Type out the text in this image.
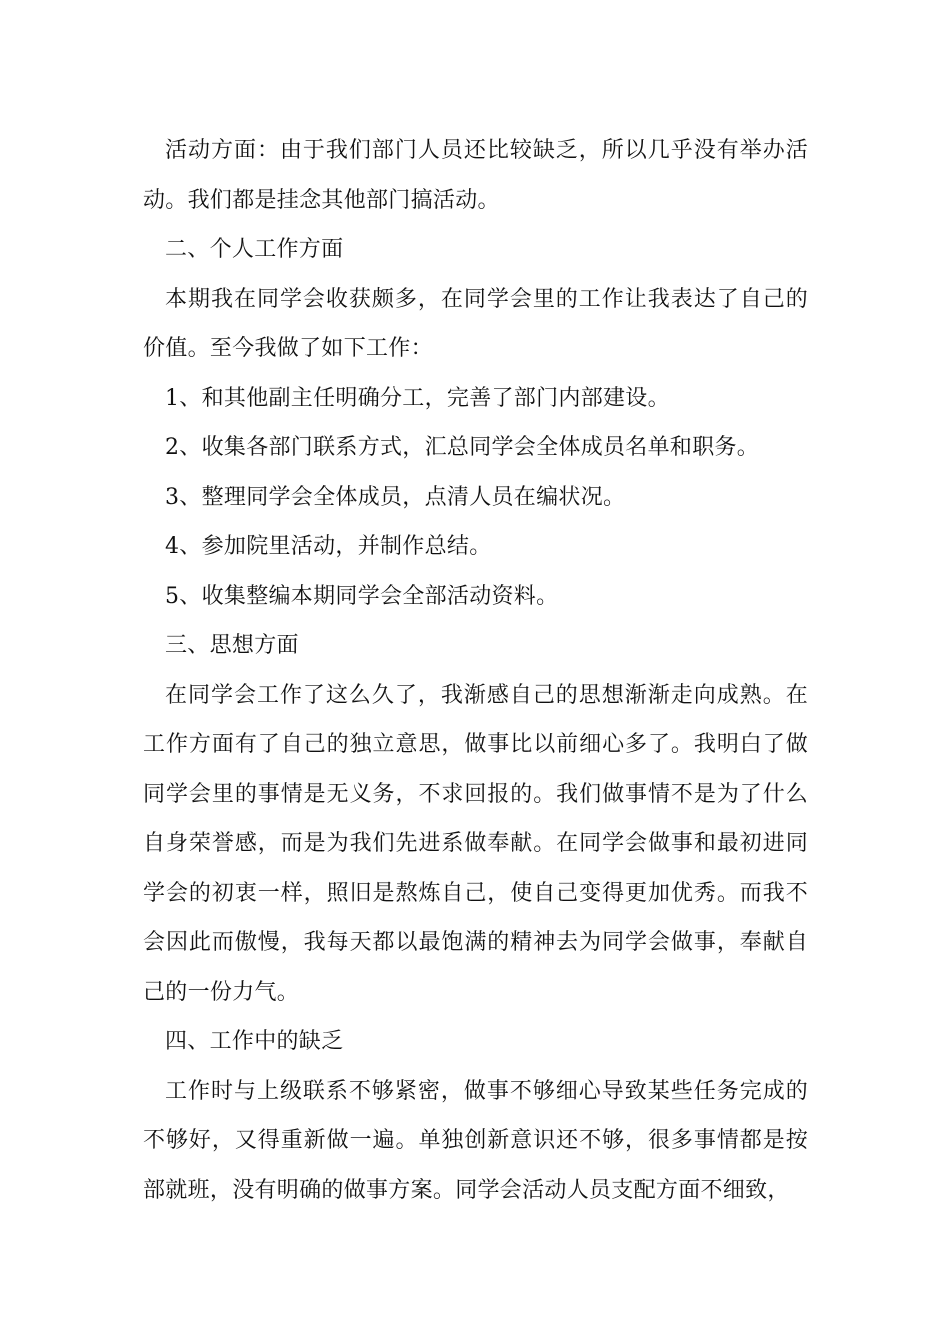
活动方面：由于我们部门人员还比较缺乏，所以几乎没有举办活动。我们都是挂念其他部门搞活动。

二、个人工作方面

本期我在同学会收获颇多，在同学会里的工作让我表达了自己的价值。至今我做了如下工作：

1、和其他副主任明确分工，完善了部门内部建设。

2、收集各部门联系方式，汇总同学会全体成员名单和职务。

3、整理同学会全体成员，点清人员在编状况。

4、参加院里活动，并制作总结。

5、收集整编本期同学会全部活动资料。

三、思想方面

在同学会工作了这么久了，我渐感自己的思想渐渐走向成熟。在工作方面有了自己的独立意思，做事比以前细心多了。我明白了做同学会里的事情是无义务，不求回报的。我们做事情不是为了什么自身荣誉感，而是为我们先进系做奉献。在同学会做事和最初进同学会的初衷一样，照旧是熬炼自己，使自己变得更加优秀。而我不会因此而傲慢，我每天都以最饱满的精神去为同学会做事，奉献自己的一份力气。

四、工作中的缺乏

工作时与上级联系不够紧密，做事不够细心导致某些任务完成的不够好，又得重新做一遍。单独创新意识还不够，很多事情都是按部就班，没有明确的做事方案。同学会活动人员支配方面不细致，
